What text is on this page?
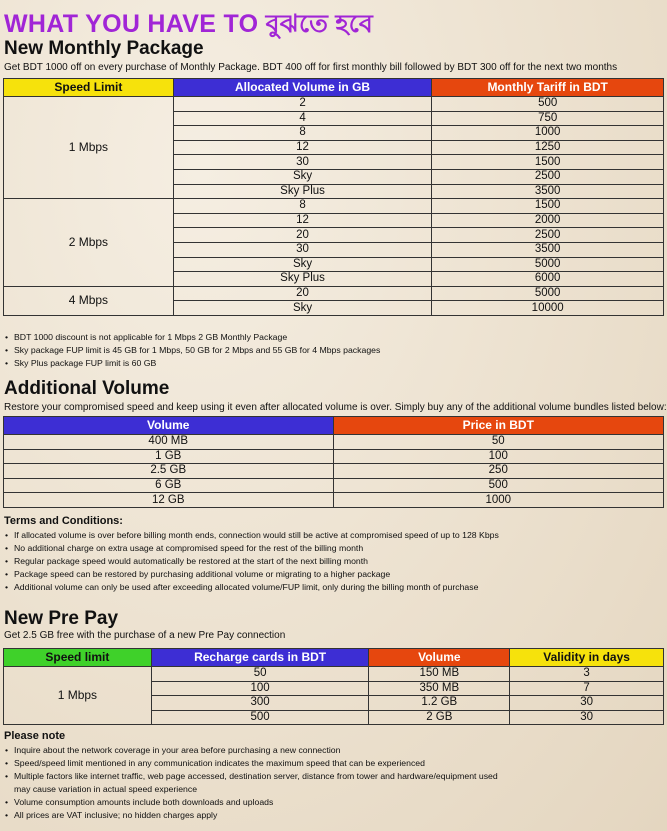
WHAT YOU HAVE TO বুঝতে হবে
New Monthly Package
Get BDT 1000 off on every purchase of Monthly Package. BDT 400 off for first monthly bill followed by BDT 300 off for the next two months
Speed Limit	Allocated Volume in GB	Monthly Tariff in BDT
1 Mbps	2	500
	4	750
	8	1000
	12	1250
	30	1500
	Sky	2500
	Sky Plus	3500
2 Mbps	8	1500
	12	2000
	20	2500
	30	3500
	Sky	5000
	Sky Plus	6000
4 Mbps	20	5000
	Sky	10000
• BDT 1000 discount is not applicable for 1 Mbps 2 GB Monthly Package
• Sky package FUP limit is 45 GB for 1 Mbps, 50 GB for 2 Mbps and 55 GB for 4 Mbps packages
• Sky Plus package FUP limit is 60 GB
Additional Volume
Restore your compromised speed and keep using it even after allocated volume is over. Simply buy any of the additional volume bundles listed below:
Volume	Price in BDT
400 MB	50
1 GB	100
2.5 GB	250
6 GB	500
12 GB	1000
Terms and Conditions:
• If allocated volume is over before billing month ends, connection would still be active at compromised speed of up to 128 Kbps
• No additional charge on extra usage at compromised speed for the rest of the billing month
• Regular package speed would automatically be restored at the start of the next billing month
• Package speed can be restored by purchasing additional volume or migrating to a higher package
• Additional volume can only be used after exceeding allocated volume/FUP limit, only during the billing month of purchase
New Pre Pay
Get 2.5 GB free with the purchase of a new Pre Pay connection
Speed limit	Recharge cards in BDT	Volume	Validity in days
1 Mbps	50	150 MB	3
	100	350 MB	7
	300	1.2 GB	30
	500	2 GB	30
Please note
• Inquire about the network coverage in your area before purchasing a new connection
• Speed/speed limit mentioned in any communication indicates the maximum speed that can be experienced
• Multiple factors like internet traffic, web page accessed, destination server, distance from tower and hardware/equipment used
may cause variation in actual speed experience
• Volume consumption amounts include both downloads and uploads
• All prices are VAT inclusive; no hidden charges apply
